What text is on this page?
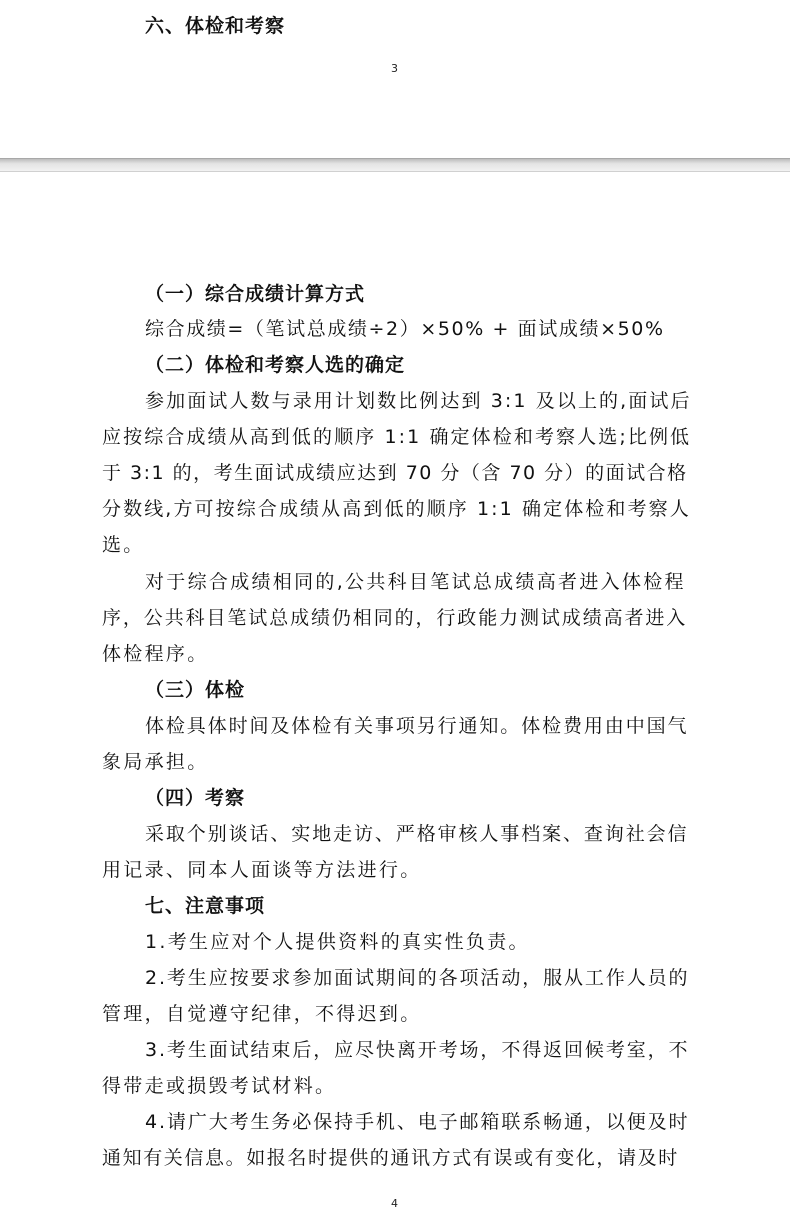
六、体检和考察
3
（一）综合成绩计算方式
综合成绩=（笔试总成绩÷2）×50% + 面试成绩×50%
（二）体检和考察人选的确定
参加面试人数与录用计划数比例达到 3:1 及以上的,面试后
应按综合成绩从高到低的顺序 1:1 确定体检和考察人选;比例低
于 3:1 的，考生面试成绩应达到 70 分（含 70 分）的面试合格
分数线,方可按综合成绩从高到低的顺序 1:1 确定体检和考察人
选。
对于综合成绩相同的,公共科目笔试总成绩高者进入体检程
序，公共科目笔试总成绩仍相同的，行政能力测试成绩高者进入
体检程序。
（三）体检
体检具体时间及体检有关事项另行通知。体检费用由中国气
象局承担。
（四）考察
采取个别谈话、实地走访、严格审核人事档案、查询社会信
用记录、同本人面谈等方法进行。
七、注意事项
1.考生应对个人提供资料的真实性负责。
2.考生应按要求参加面试期间的各项活动，服从工作人员的
管理，自觉遵守纪律，不得迟到。
3.考生面试结束后，应尽快离开考场，不得返回候考室，不
得带走或损毁考试材料。
4.请广大考生务必保持手机、电子邮箱联系畅通，以便及时
通知有关信息。如报名时提供的通讯方式有误或有变化，请及时
4
